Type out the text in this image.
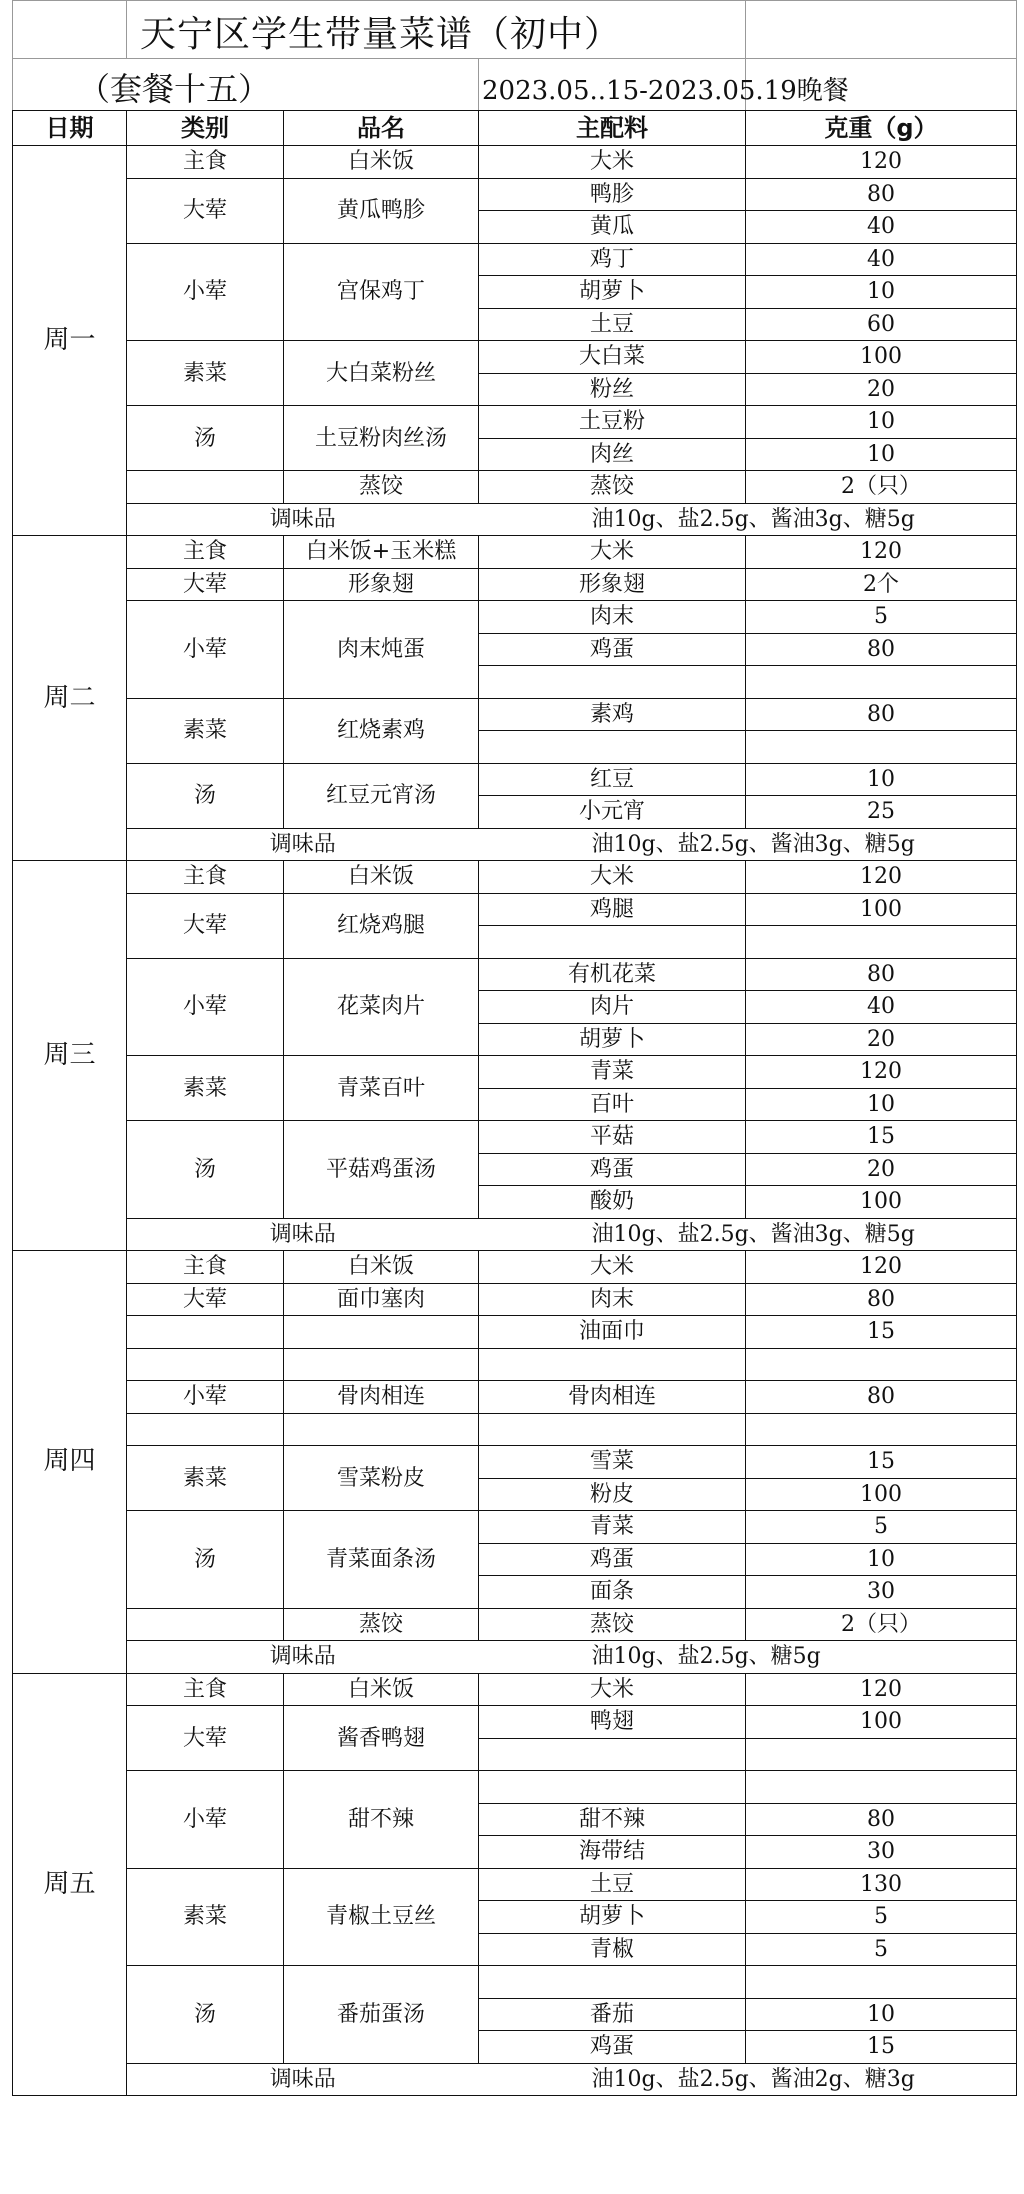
天宁区学生带量菜谱（初中）
（套餐十五）	2023.05..15-2023.05.19晚餐
日期	类别	品名	主配料	克重（g）
周一	主食	白米饭	大米	120
	大荤	黄瓜鸭胗	鸭胗	80
			黄瓜	40
	小荤	宫保鸡丁	鸡丁	40
			胡萝卜	10
			土豆	60
	素菜	大白菜粉丝	大白菜	100
			粉丝	20
	汤	土豆粉肉丝汤	土豆粉	10
			肉丝	10
		蒸饺	蒸饺	2（只）
	调味品		油10g、盐2.5g、酱油3g、糖5g	
周二	主食	白米饭+玉米糕	大米	120
	大荤	形象翅	形象翅	2个
	小荤	肉末炖蛋	肉末	5
			鸡蛋	80

	素菜	红烧素鸡	素鸡	80

	汤	红豆元宵汤	红豆	10
			小元宵	25
	调味品		油10g、盐2.5g、酱油3g、糖5g	
周三	主食	白米饭	大米	120
	大荤	红烧鸡腿	鸡腿	100

	小荤	花菜肉片	有机花菜	80
			肉片	40
			胡萝卜	20
	素菜	青菜百叶	青菜	120
			百叶	10
	汤	平菇鸡蛋汤	平菇	15
			鸡蛋	20
			酸奶	100
	调味品		油10g、盐2.5g、酱油3g、糖5g	
周四	主食	白米饭	大米	120
	大荤	面巾塞肉	肉末	80
			油面巾	15

	小荤	骨肉相连	骨肉相连	80

	素菜	雪菜粉皮	雪菜	15
			粉皮	100
	汤	青菜面条汤	青菜	5
			鸡蛋	10
			面条	30
		蒸饺	蒸饺	2（只）
	调味品		油10g、盐2.5g、糖5g	
周五	主食	白米饭	大米	120
	大荤	酱香鸭翅	鸭翅	100

	小荤	甜不辣		
			甜不辣	80
			海带结	30
	素菜	青椒土豆丝	土豆	130
			胡萝卜	5
			青椒	5
	汤	番茄蛋汤		
			番茄	10
			鸡蛋	15
	调味品		油10g、盐2.5g、酱油2g、糖3g	
